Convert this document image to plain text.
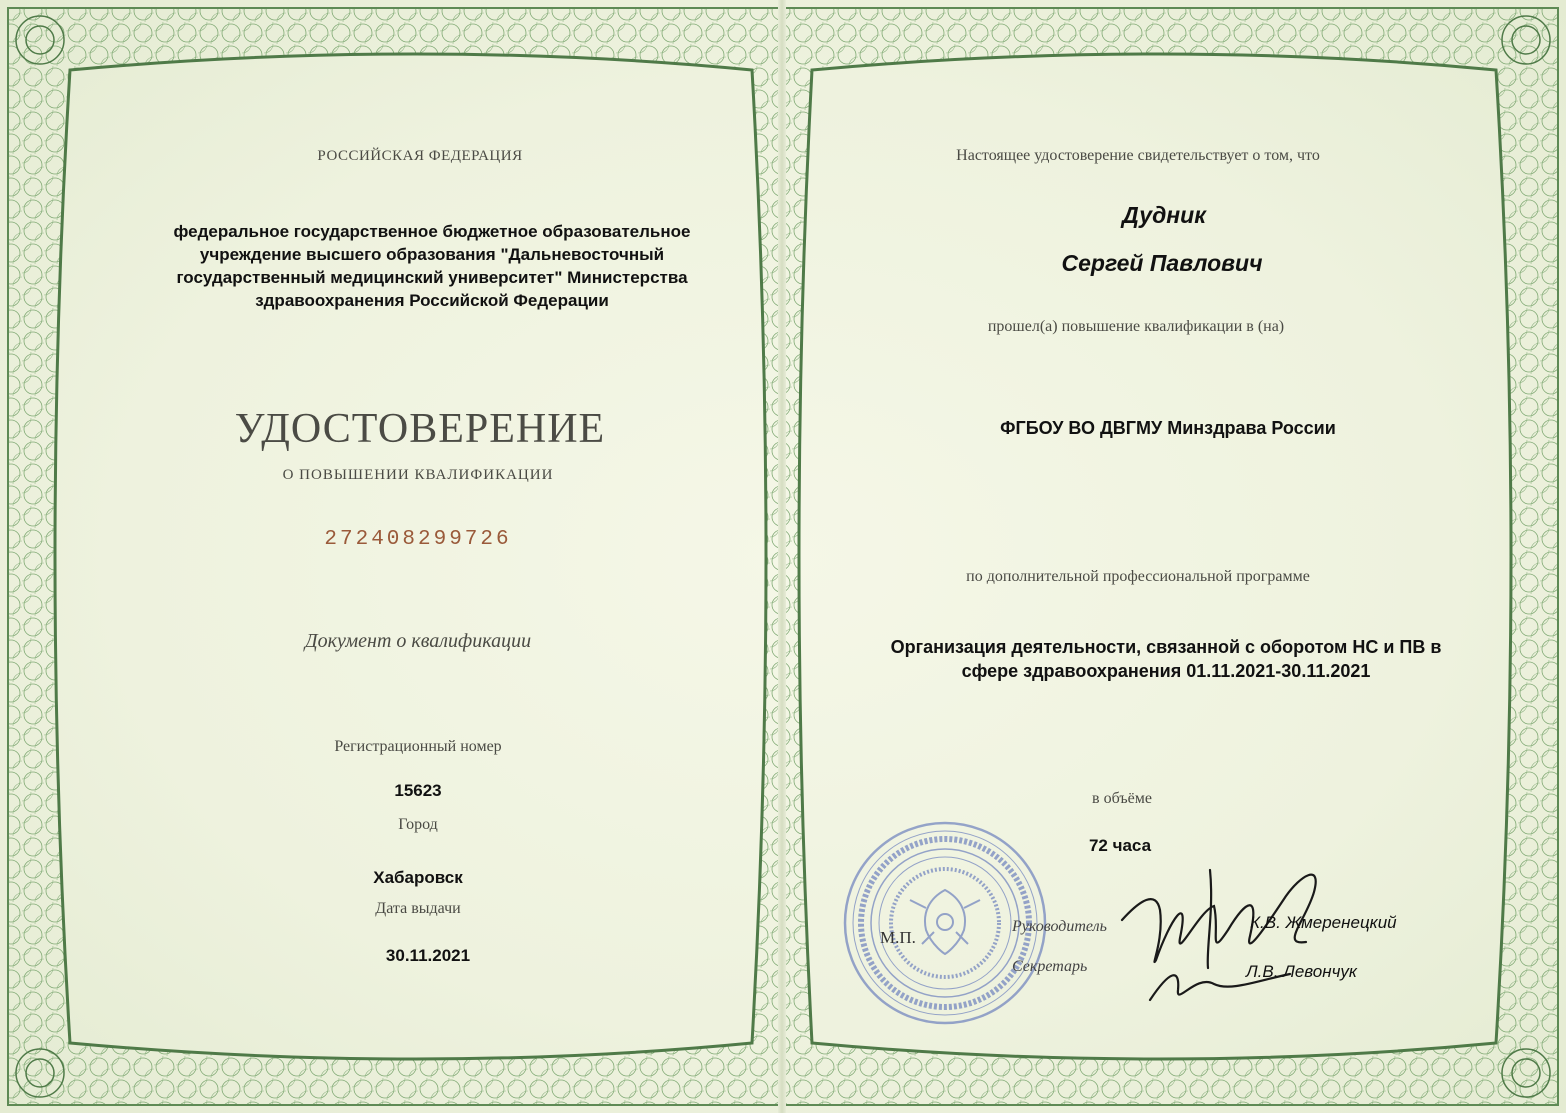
РОССИЙСКАЯ ФЕДЕРАЦИЯ
федеральное государственное бюджетное образовательное учреждение высшего образования "Дальневосточный государственный медицинский университет" Министерства здравоохранения Российской Федерации
УДОСТОВЕРЕНИЕ
О ПОВЫШЕНИИ КВАЛИФИКАЦИИ
272408299726
Документ о квалификации
Регистрационный номер
15623
Город
Хабаровск
Дата выдачи
30.11.2021
Настоящее удостоверение свидетельствует о том, что
Дудник
Сергей Павлович
прошел(а) повышение квалификации в (на)
ФГБОУ ВО ДВГМУ Минздрава России
по дополнительной профессиональной программе
Организация деятельности, связанной с оборотом НС и ПВ в сфере здравоохранения 01.11.2021-30.11.2021
в объёме
72 часа
М.П.
Руководитель	К.В. Жмеренецкий
Секретарь	Л.В. Левончук
